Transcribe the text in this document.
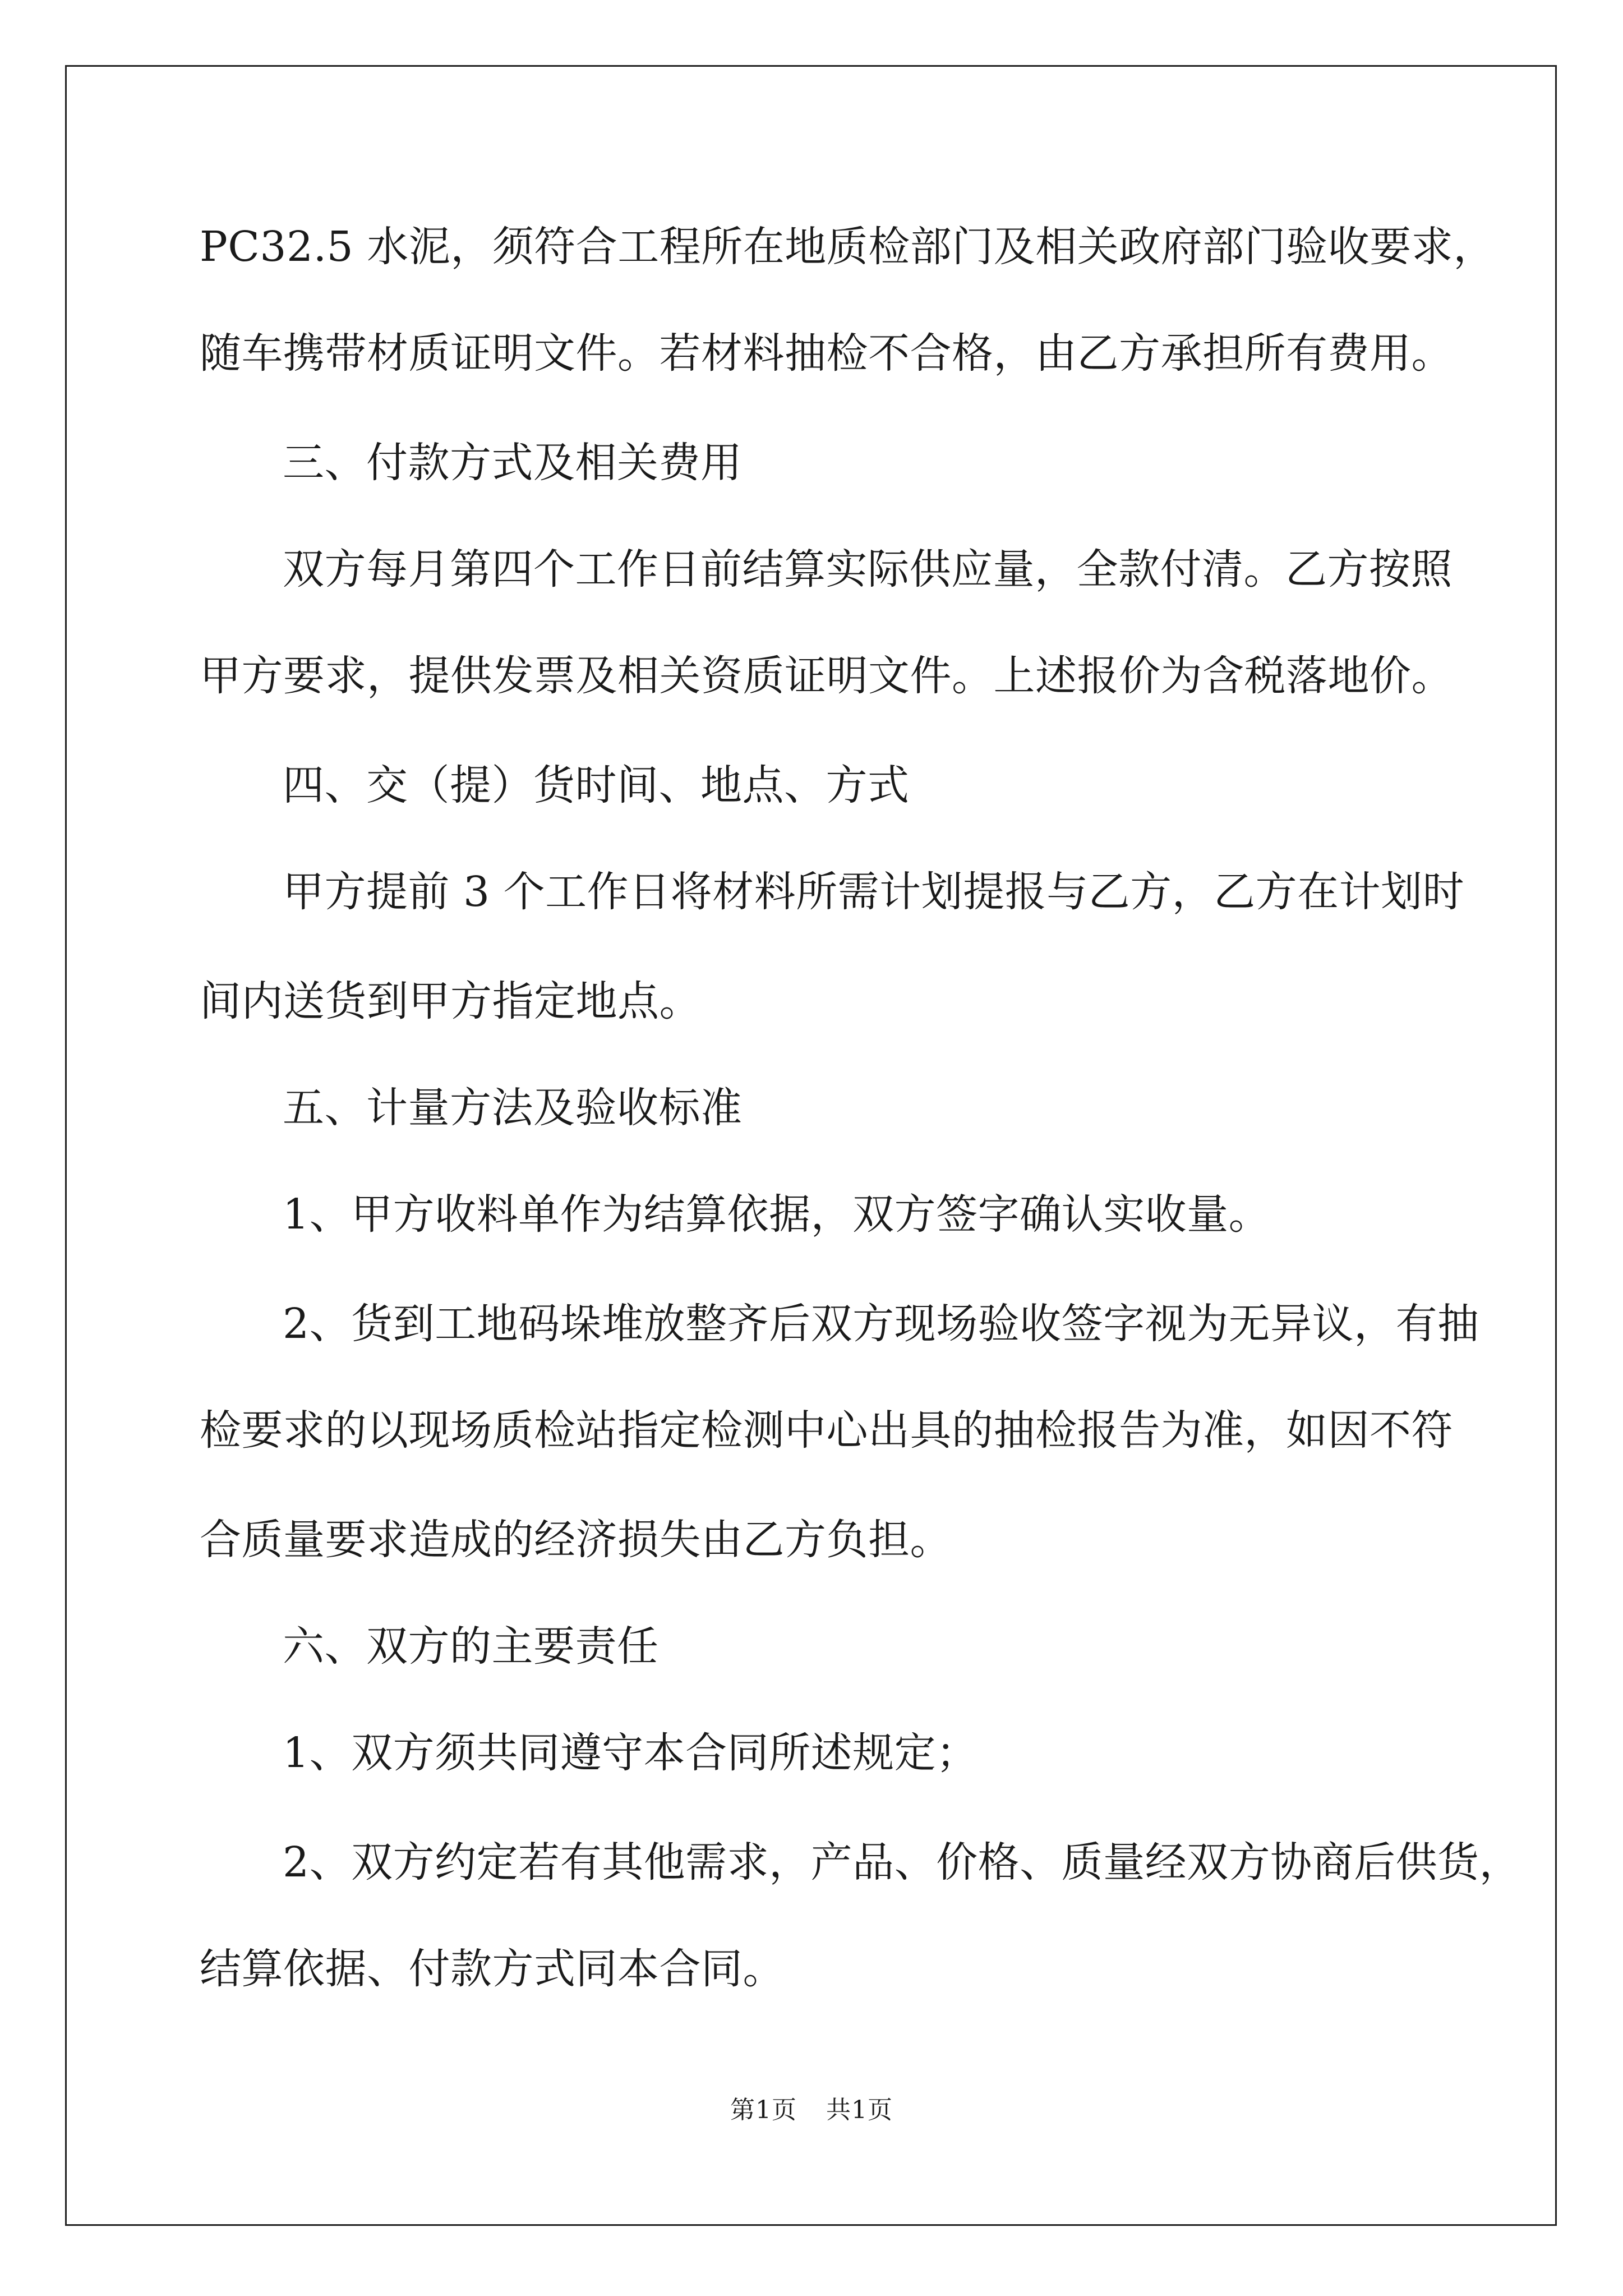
PC32.5 水泥，须符合工程所在地质检部门及相关政府部门验收要求，
随车携带材质证明文件。若材料抽检不合格，由乙方承担所有费用。
三、付款方式及相关费用
双方每月第四个工作日前结算实际供应量，全款付清。乙方按照
甲方要求，提供发票及相关资质证明文件。上述报价为含税落地价。
四、交（提）货时间、地点、方式
甲方提前 3 个工作日将材料所需计划提报与乙方，乙方在计划时
间内送货到甲方指定地点。
五、计量方法及验收标准
1、甲方收料单作为结算依据，双方签字确认实收量。
2、货到工地码垛堆放整齐后双方现场验收签字视为无异议，有抽
检要求的以现场质检站指定检测中心出具的抽检报告为准，如因不符
合质量要求造成的经济损失由乙方负担。
六、双方的主要责任
1、双方须共同遵守本合同所述规定；
2、双方约定若有其他需求，产品、价格、质量经双方协商后供货，
结算依据、付款方式同本合同。
第1页 共1页
